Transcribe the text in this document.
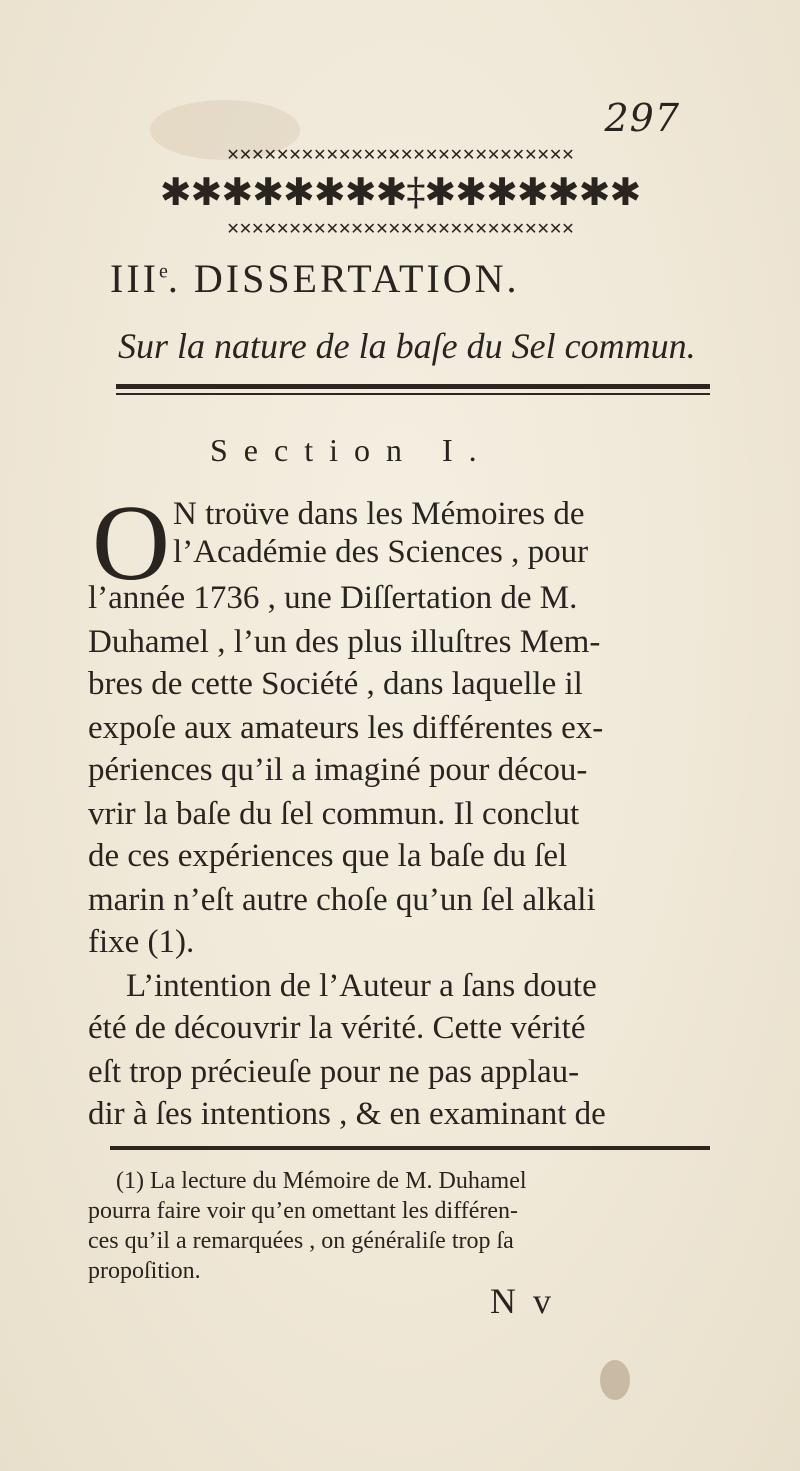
297
✕✕✕✕✕✕✕✕✕✕✕✕✕✕✕✕✕✕✕✕✕✕✕✕✕✕✕✕
✱✱✱✱✱✱✱✱‡✱✱✱✱✱✱✱
✕✕✕✕✕✕✕✕✕✕✕✕✕✕✕✕✕✕✕✕✕✕✕✕✕✕✕✕
IIIe. DISSERTATION.
Sur la nature de la baſe du Sel commun.
Section I.
O N troüve dans les Mémoires de
l’Académie des Sciences , pour
l’année 1736 , une Diſſertation de M.
Duhamel , l’un des plus illuſtres Mem-
bres de cette Société , dans laquelle il
expoſe aux amateurs les différentes ex-
périences qu’il a imaginé pour décou-
vrir la baſe du ſel commun. Il conclut
de ces expériences que la baſe du ſel
marin n’eſt autre choſe qu’un ſel alkali
fixe (1).
L’intention de l’Auteur a ſans doute
été de découvrir la vérité. Cette vérité
eſt trop précieuſe pour ne pas applau-
dir à ſes intentions , & en examinant de
(1) La lecture du Mémoire de M. Duhamel
pourra faire voir qu’en omettant les différen-
ces qu’il a remarquées , on généraliſe trop ſa
propoſition.
N v
